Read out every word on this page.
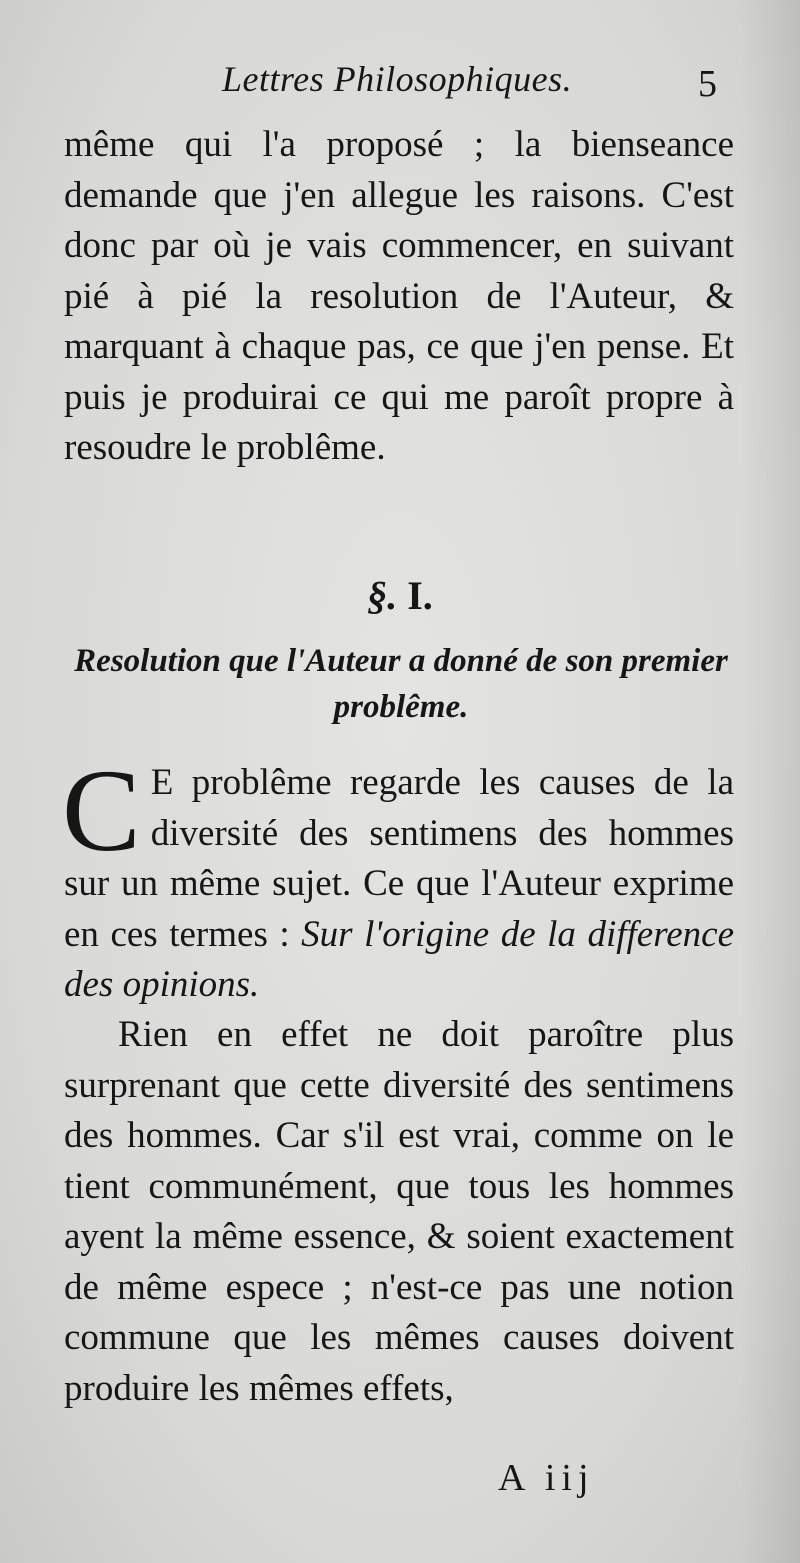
Lettres Philosophiques.	5

même qui l'a proposé ; la bienseance demande que j'en allegue les raisons. C'est donc par où je vais commencer, en suivant pié à pié la resolution de l'Auteur, & marquant à chaque pas, ce que j'en pense. Et puis je produirai ce qui me paroît propre à resoudre le problême.

§. I.

Resolution que l'Auteur a donné de son premier problême.

C E problême regarde les causes de la diversité des sentimens des hommes sur un même sujet. Ce que l'Auteur exprime en ces termes : Sur l'origine de la difference des opinions.

Rien en effet ne doit paroître plus surprenant que cette diversité des sentimens des hommes. Car s'il est vrai, comme on le tient communément, que tous les hommes ayent la même essence, & soient exactement de même espece ; n'est-ce pas une notion commune que les mêmes causes doivent produire les mêmes effets,

A iij
